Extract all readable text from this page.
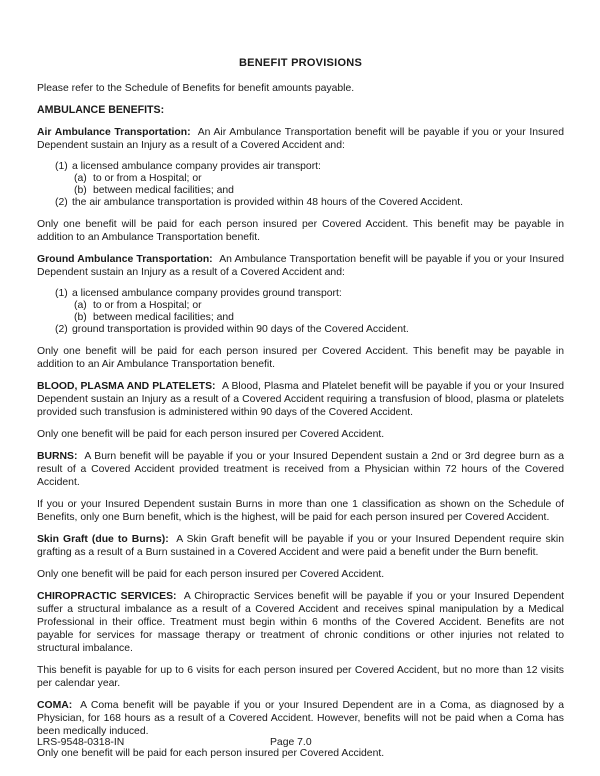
BENEFIT PROVISIONS

Please refer to the Schedule of Benefits for benefit amounts payable.

AMBULANCE BENEFITS:

Air Ambulance Transportation: An Air Ambulance Transportation benefit will be payable if you or your Insured Dependent sustain an Injury as a result of a Covered Accident and:

(1) a licensed ambulance company provides air transport:
(a) to or from a Hospital; or
(b) between medical facilities; and
(2) the air ambulance transportation is provided within 48 hours of the Covered Accident.

Only one benefit will be paid for each person insured per Covered Accident. This benefit may be payable in addition to an Ambulance Transportation benefit.

Ground Ambulance Transportation: An Ambulance Transportation benefit will be payable if you or your Insured Dependent sustain an Injury as a result of a Covered Accident and:

(1) a licensed ambulance company provides ground transport:
(a) to or from a Hospital; or
(b) between medical facilities; and
(2) ground transportation is provided within 90 days of the Covered Accident.

Only one benefit will be paid for each person insured per Covered Accident. This benefit may be payable in addition to an Air Ambulance Transportation benefit.

BLOOD, PLASMA AND PLATELETS: A Blood, Plasma and Platelet benefit will be payable if you or your Insured Dependent sustain an Injury as a result of a Covered Accident requiring a transfusion of blood, plasma or platelets provided such transfusion is administered within 90 days of the Covered Accident.

Only one benefit will be paid for each person insured per Covered Accident.

BURNS: A Burn benefit will be payable if you or your Insured Dependent sustain a 2nd or 3rd degree burn as a result of a Covered Accident provided treatment is received from a Physician within 72 hours of the Covered Accident.

If you or your Insured Dependent sustain Burns in more than one 1 classification as shown on the Schedule of Benefits, only one Burn benefit, which is the highest, will be paid for each person insured per Covered Accident.

Skin Graft (due to Burns): A Skin Graft benefit will be payable if you or your Insured Dependent require skin grafting as a result of a Burn sustained in a Covered Accident and were paid a benefit under the Burn benefit.

Only one benefit will be paid for each person insured per Covered Accident.

CHIROPRACTIC SERVICES: A Chiropractic Services benefit will be payable if you or your Insured Dependent suffer a structural imbalance as a result of a Covered Accident and receives spinal manipulation by a Medical Professional in their office. Treatment must begin within 6 months of the Covered Accident. Benefits are not payable for services for massage therapy or treatment of chronic conditions or other injuries not related to structural imbalance.

This benefit is payable for up to 6 visits for each person insured per Covered Accident, but no more than 12 visits per calendar year.

COMA: A Coma benefit will be payable if you or your Insured Dependent are in a Coma, as diagnosed by a Physician, for 168 hours as a result of a Covered Accident. However, benefits will not be paid when a Coma has been medically induced.

Only one benefit will be paid for each person insured per Covered Accident.

LRS-9548-0318-IN	Page 7.0
